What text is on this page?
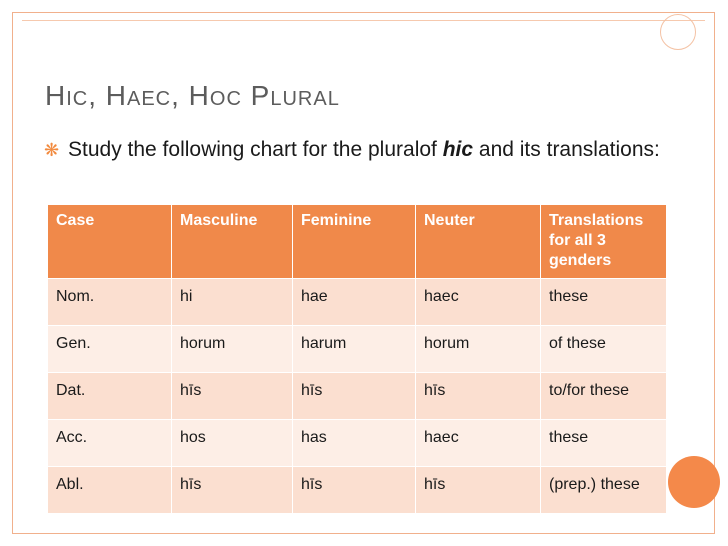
Hic, Haec, Hoc Plural
❋ Study the following chart for the pluralof hic and its translations:
Case	Masculine	Feminine	Neuter	Translations for all 3 genders
Nom.	hi	hae	haec	these
Gen.	horum	harum	horum	of these
Dat.	hīs	hīs	hīs	to/for these
Acc.	hos	has	haec	these
Abl.	hīs	hīs	hīs	(prep.) these
